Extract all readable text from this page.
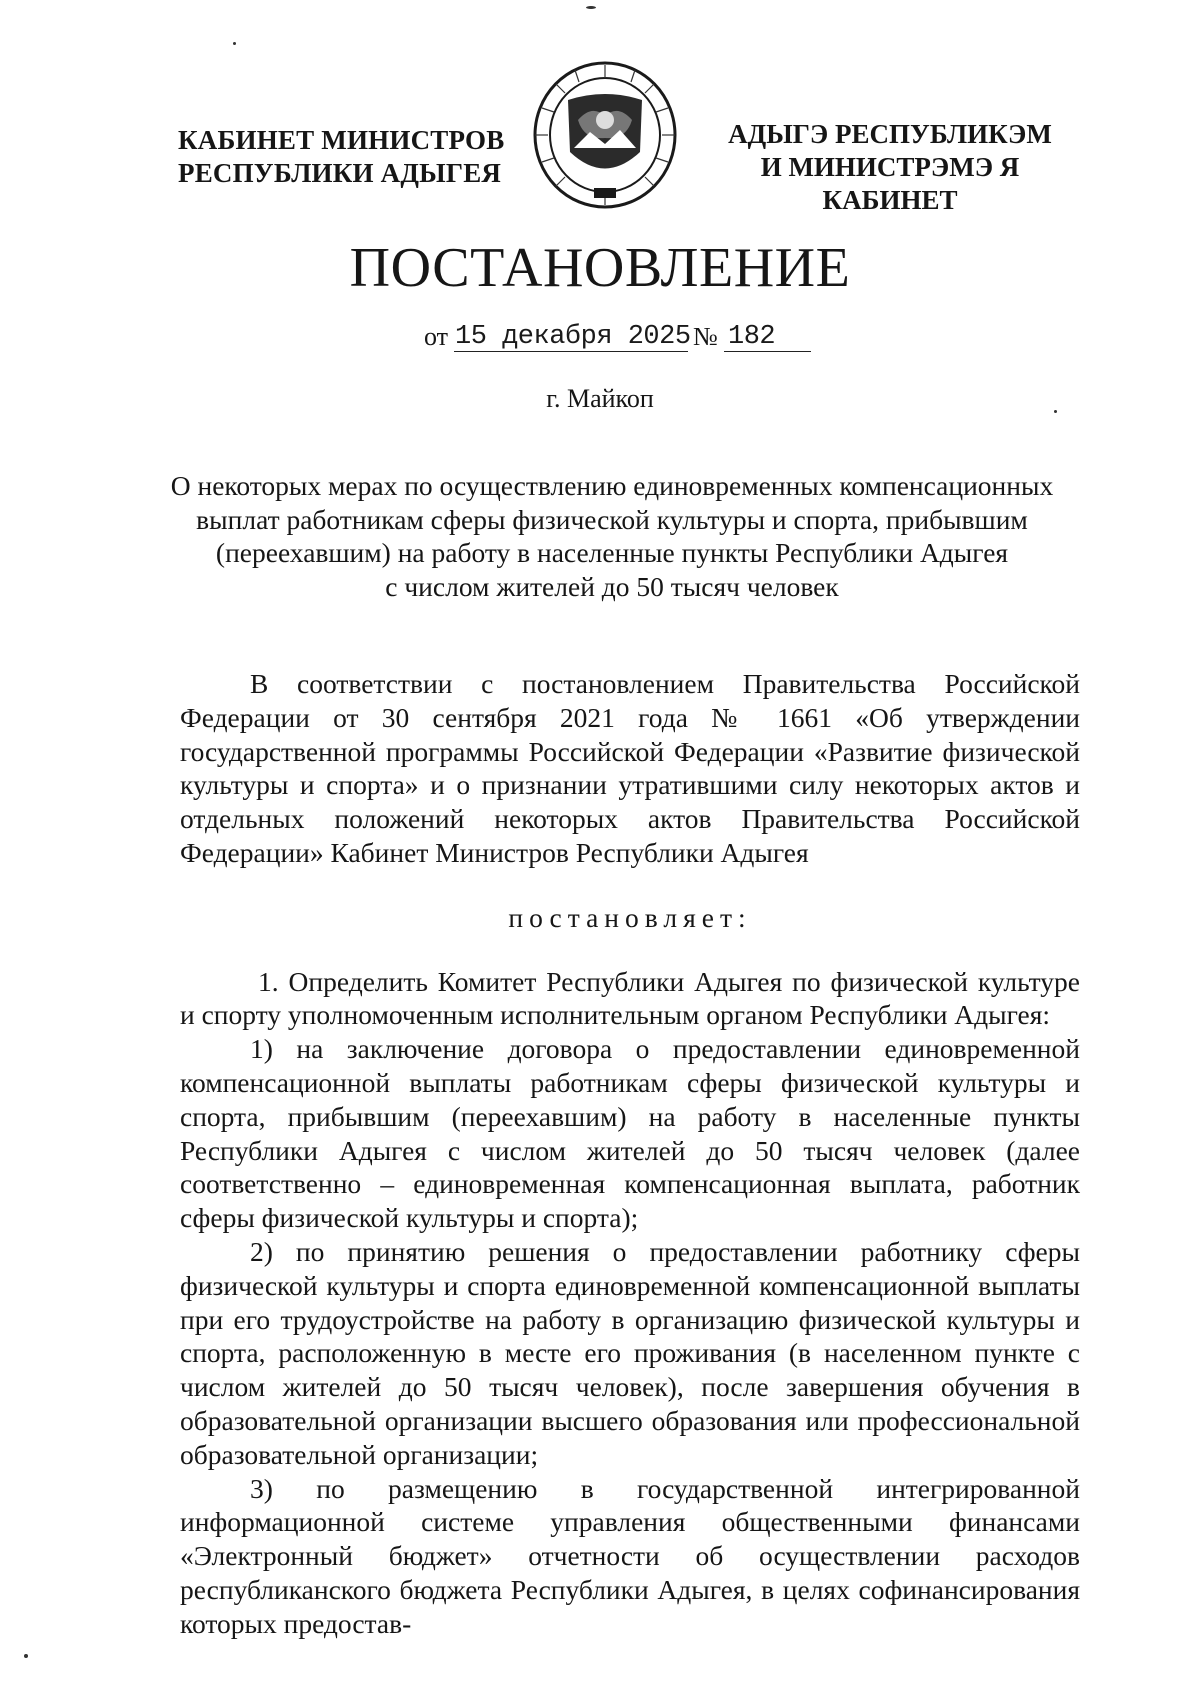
КАБИНЕТ МИНИСТРОВ
РЕСПУБЛИКИ АДЫГЕЯ
АДЫГЭ РЕСПУБЛИКЭМ
И МИНИСТРЭМЭ Я КАБИНЕТ
ПОСТАНОВЛЕНИЕ
от 15 декабря 2025 № 182
г. Майкоп
О некоторых мерах по осуществлению единовременных компенсационных
выплат работникам сферы физической культуры и спорта, прибывшим
(переехавшим) на работу в населенные пункты Республики Адыгея
с числом жителей до 50 тысяч человек

В соответствии с постановлением Правительства Российской Федерации от 30 сентября 2021 года № 1661 «Об утверждении государственной программы Российской Федерации «Развитие физической культуры и спорта» и о признании утратившими силу некоторых актов и отдельных положений некоторых актов Правительства Российской Федерации» Кабинет Министров Республики Адыгея

постановляет:

1. Определить Комитет Республики Адыгея по физической культуре и спорту уполномоченным исполнительным органом Республики Адыгея:

1) на заключение договора о предоставлении единовременной компенсационной выплаты работникам сферы физической культуры и спорта, прибывшим (переехавшим) на работу в населенные пункты Республики Адыгея с числом жителей до 50 тысяч человек (далее соответственно – единовременная компенсационная выплата, работник сферы физической культуры и спорта);

2) по принятию решения о предоставлении работнику сферы физической культуры и спорта единовременной компенсационной выплаты при его трудоустройстве на работу в организацию физической культуры и спорта, расположенную в месте его проживания (в населенном пункте с числом жителей до 50 тысяч человек), после завершения обучения в образовательной организации высшего образования или профессиональной образовательной организации;

3) по размещению в государственной интегрированной информационной системе управления общественными финансами «Электронный бюджет» отчетности об осуществлении расходов республиканского бюджета Республики Адыгея, в целях софинансирования которых предостав-
